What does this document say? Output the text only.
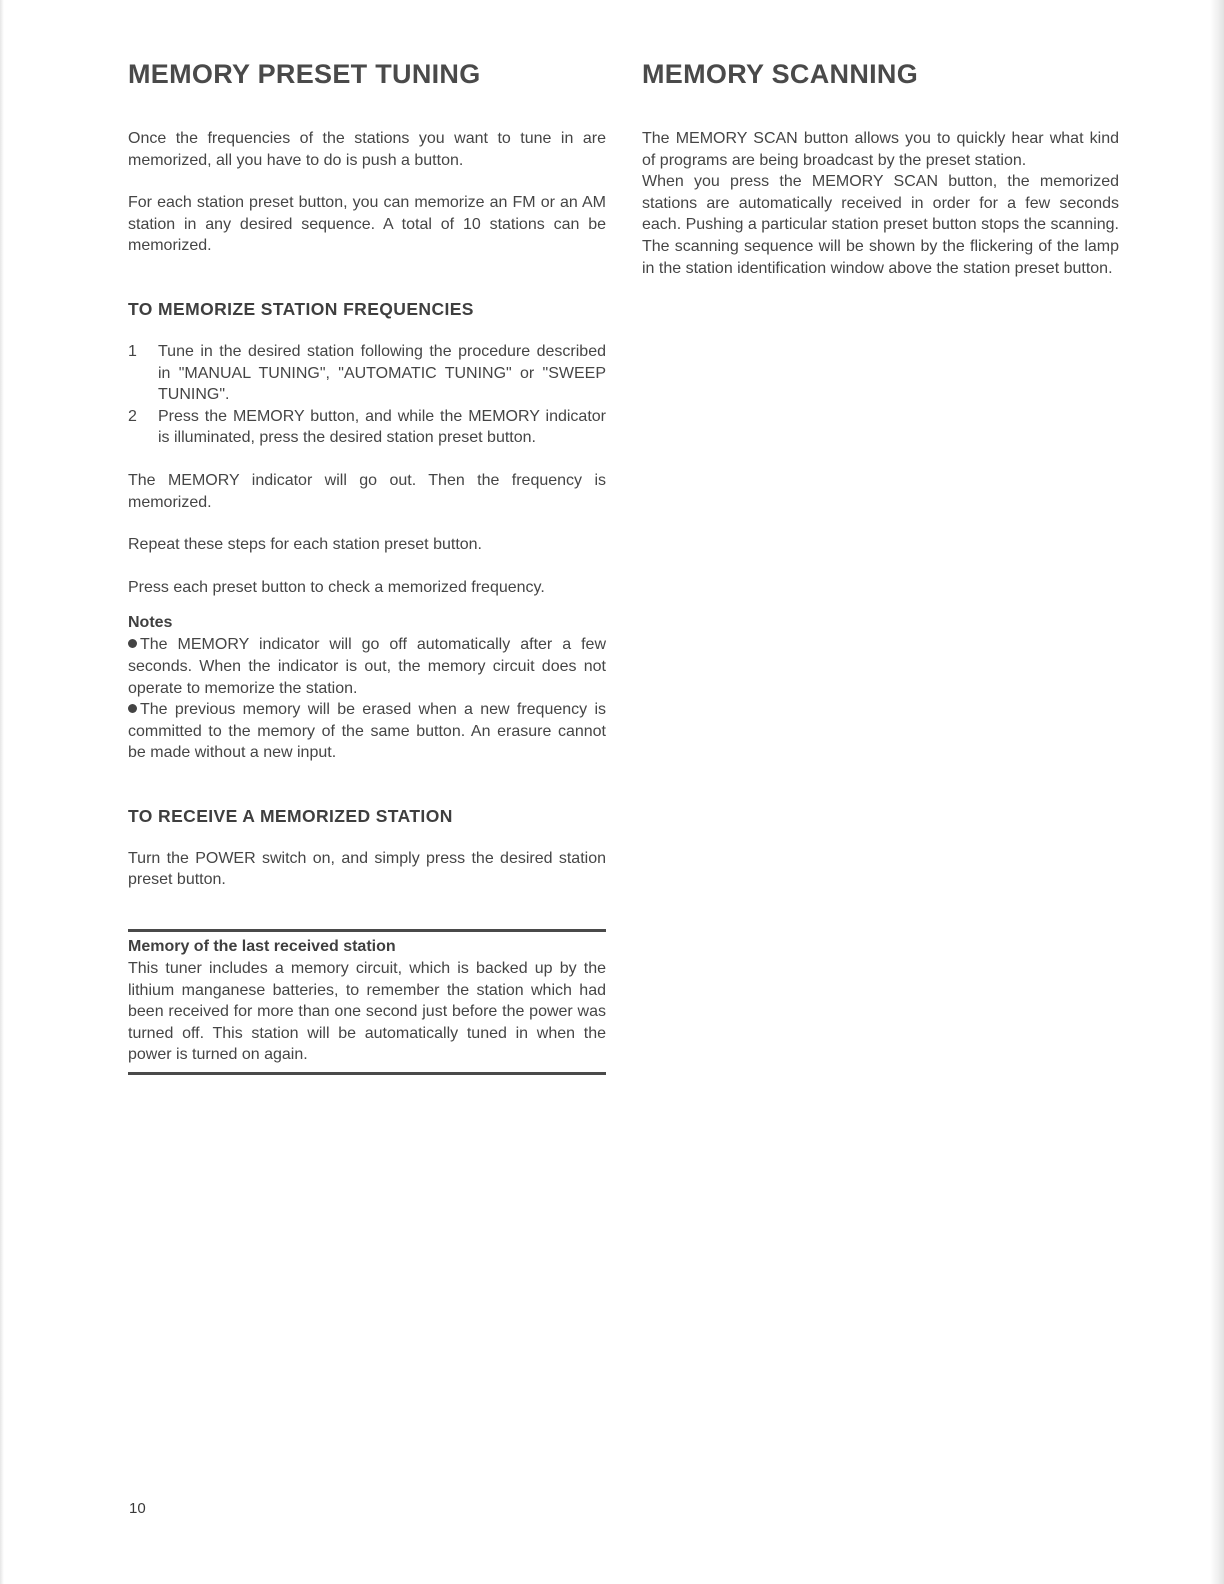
MEMORY PRESET TUNING

Once the frequencies of the stations you want to tune in are memorized, all you have to do is push a button.

For each station preset button, you can memorize an FM or an AM station in any desired sequence. A total of 10 stations can be memorized.

TO MEMORIZE STATION FREQUENCIES
1	Tune in the desired station following the procedure described in "MANUAL TUNING", "AUTOMATIC TUNING" or "SWEEP TUNING".
2	Press the MEMORY button, and while the MEMORY indicator is illuminated, press the desired station preset button.

The MEMORY indicator will go out. Then the frequency is memorized.

Repeat these steps for each station preset button.

Press each preset button to check a memorized frequency.

Notes

The MEMORY indicator will go off automatically after a few seconds. When the indicator is out, the memory circuit does not operate to memorize the station.

The previous memory will be erased when a new frequency is committed to the memory of the same button. An erasure cannot be made without a new input.

TO RECEIVE A MEMORIZED STATION

Turn the POWER switch on, and simply press the desired station preset button.

Memory of the last received station

This tuner includes a memory circuit, which is backed up by the lithium manganese batteries, to remember the station which had been received for more than one second just before the power was turned off. This station will be automatically tuned in when the power is turned on again.

MEMORY SCANNING

The MEMORY SCAN button allows you to quickly hear what kind of programs are being broadcast by the preset station.

When you press the MEMORY SCAN button, the memorized stations are automatically received in order for a few seconds each. Pushing a particular station preset button stops the scanning. The scanning sequence will be shown by the flickering of the lamp in the station identification window above the station preset button.

10
